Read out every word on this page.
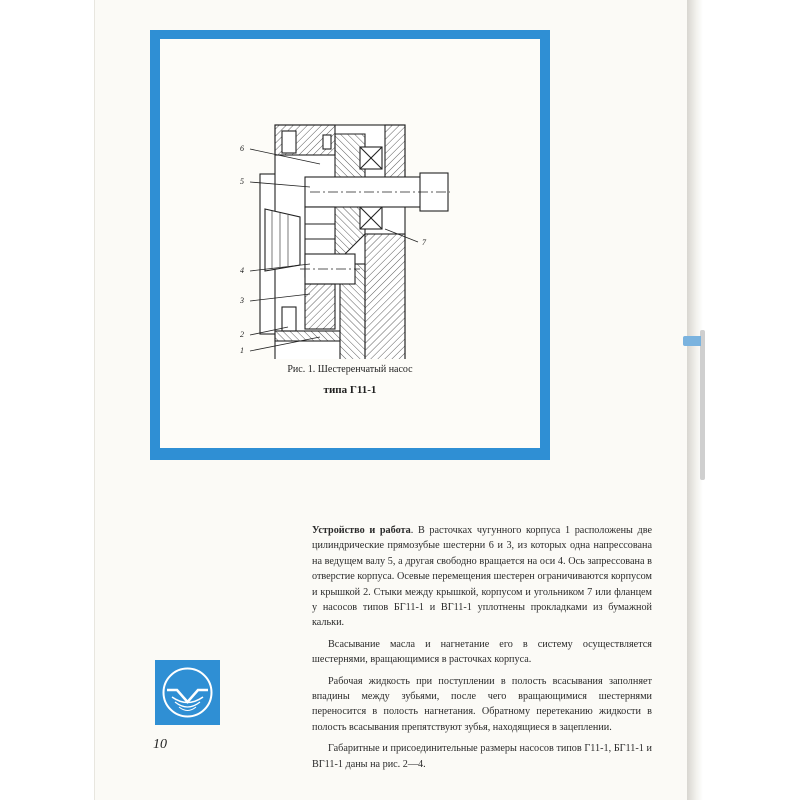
6
5
4
3
2
1
7
Рис. 1. Шестеренчатый насос
типа Г11-1

Устройство и работа. В расточках чугунного корпуса 1 расположены две цилиндрические прямозубые шестерни 6 и 3, из которых одна напрессована на ведущем валу 5, а другая свободно вращается на оси 4. Ось запрессована в отверстие корпуса. Осевые перемещения шестерен ограничиваются корпусом и крышкой 2. Стыки между крышкой, корпусом и угольником 7 или фланцем у насосов типов БГ11-1 и ВГ11-1 уплотнены прокладками из бумажной кальки.

Всасывание масла и нагнетание его в систему осуществляется шестернями, вращающимися в расточках корпуса.

Рабочая жидкость при поступлении в полость всасывания заполняет впадины между зубьями, после чего вращающимися шестернями переносится в полость нагнетания. Обратному перетеканию жидкости в полость всасывания препятствуют зубья, находящиеся в зацеплении.

Габаритные и присоединительные размеры насосов типов Г11-1, БГ11-1 и ВГ11-1 даны на рис. 2—4.

10
